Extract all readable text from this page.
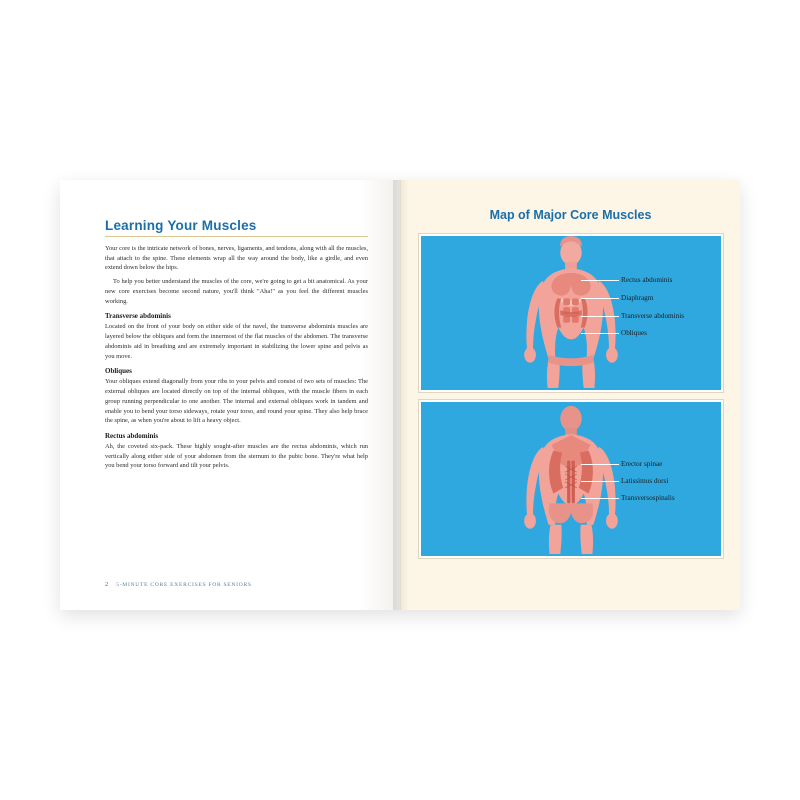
Learning Your Muscles

Your core is the intricate network of bones, nerves, ligaments, and tendons, along with all the muscles, that attach to the spine. These elements wrap all the way around the body, like a girdle, and even extend down below the hips.

To help you better understand the muscles of the core, we're going to get a bit anatomical. As your new core exercises become second nature, you'll think "Aha!" as you feel the different muscles working.

Transverse abdominis

Located on the front of your body on either side of the navel, the transverse abdominis muscles are layered below the obliques and form the innermost of the flat muscles of the abdomen. The transverse abdominis aid in breathing and are extremely important in stabilizing the lower spine and pelvis as you move.

Obliques

Your obliques extend diagonally from your ribs to your pelvis and consist of two sets of muscles: The external obliques are located directly on top of the internal obliques, with the muscle fibers in each group running perpendicular to one another. The internal and external obliques work in tandem and enable you to bend your torso sideways, rotate your torso, and round your spine. They also help brace the spine, as when you're about to lift a heavy object.

Rectus abdominis

Ah, the coveted six-pack. These highly sought-after muscles are the rectus abdominis, which run vertically along either side of your abdomen from the sternum to the pubic bone. They're what help you bend your torso forward and tilt your pelvis.

2 5-MINUTE CORE EXERCISES FOR SENIORS
Map of Major Core Muscles
Rectus abdominis
Diaphragm
Transverse abdominis
Obliques
Erector spinae
Latissimus dorsi
Transversospinalis
